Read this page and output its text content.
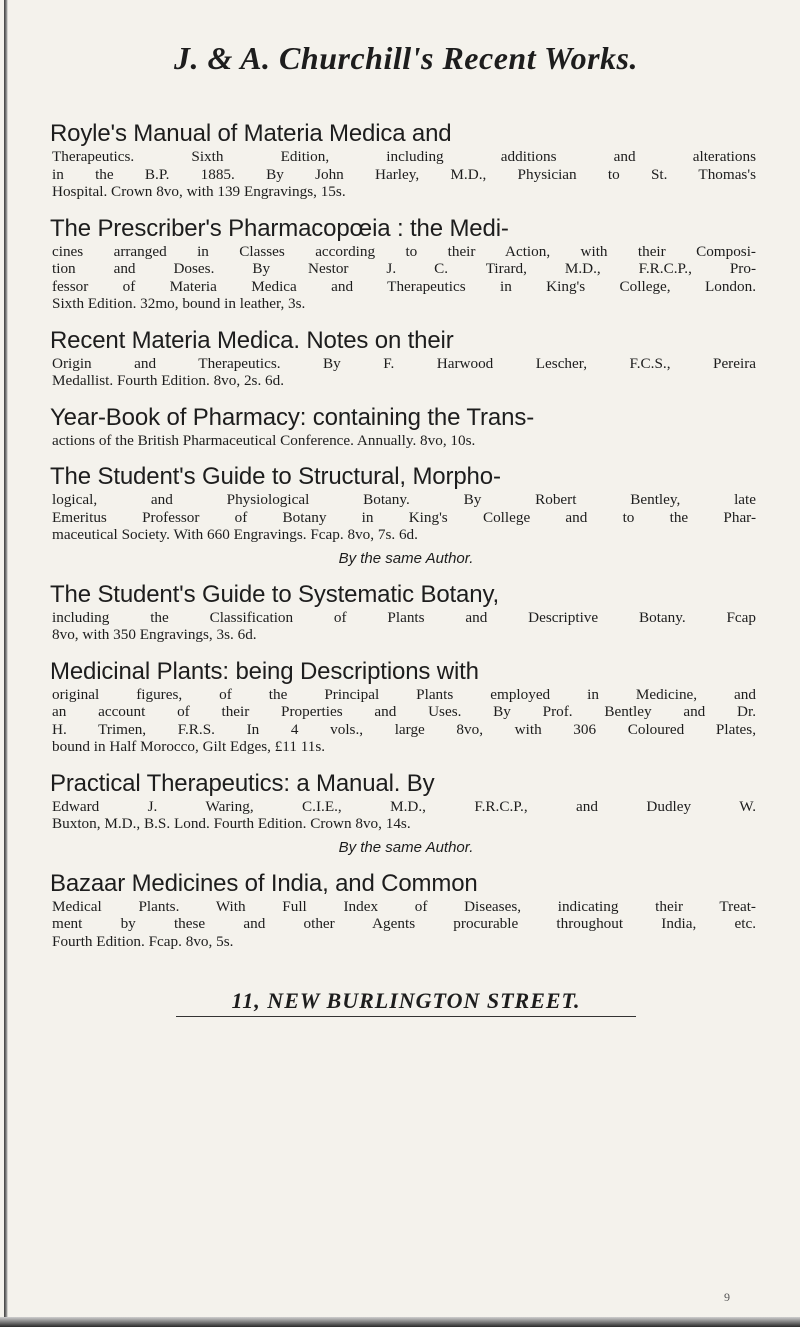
J. & A. Churchill's Recent Works.
Royle's Manual of Materia Medica and
Therapeutics. Sixth Edition, including additions and alterations
in the B.P. 1885. By John Harley, M.D., Physician to St. Thomas's
Hospital. Crown 8vo, with 139 Engravings, 15s.
The Prescriber's Pharmacopœia : the Medi-
cines arranged in Classes according to their Action, with their Composi-
tion and Doses. By Nestor J. C. Tirard, M.D., F.R.C.P., Pro-
fessor of Materia Medica and Therapeutics in King's College, London.
Sixth Edition. 32mo, bound in leather, 3s.
Recent Materia Medica. Notes on their
Origin and Therapeutics. By F. Harwood Lescher, F.C.S., Pereira
Medallist. Fourth Edition. 8vo, 2s. 6d.
Year-Book of Pharmacy: containing the Trans-
actions of the British Pharmaceutical Conference. Annually. 8vo, 10s.
The Student's Guide to Structural, Morpho-
logical, and Physiological Botany. By Robert Bentley, late
Emeritus Professor of Botany in King's College and to the Phar-
maceutical Society. With 660 Engravings. Fcap. 8vo, 7s. 6d.
By the same Author.
The Student's Guide to Systematic Botany,
including the Classification of Plants and Descriptive Botany. Fcap
8vo, with 350 Engravings, 3s. 6d.
Medicinal Plants: being Descriptions with
original figures, of the Principal Plants employed in Medicine, and
an account of their Properties and Uses. By Prof. Bentley and Dr.
H. Trimen, F.R.S. In 4 vols., large 8vo, with 306 Coloured Plates,
bound in Half Morocco, Gilt Edges, £11 11s.
Practical Therapeutics: a Manual. By
Edward J. Waring, C.I.E., M.D., F.R.C.P., and Dudley W.
Buxton, M.D., B.S. Lond. Fourth Edition. Crown 8vo, 14s.
By the same Author.
Bazaar Medicines of India, and Common
Medical Plants. With Full Index of Diseases, indicating their Treat-
ment by these and other Agents procurable throughout India, etc.
Fourth Edition. Fcap. 8vo, 5s.
11, NEW BURLINGTON STREET.
9
